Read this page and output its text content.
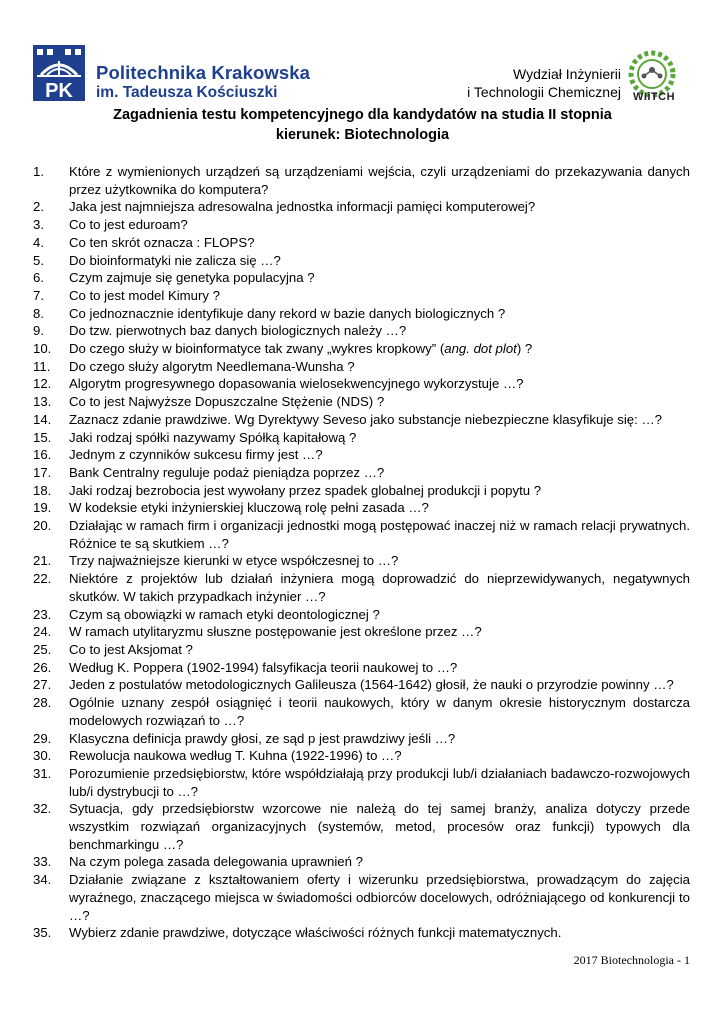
PK
Politechnika Krakowska
im. Tadeusza Kościuszki
Wydział Inżynierii
i Technologii Chemicznej WIiTCH
Zagadnienia testu kompetencyjnego dla kandydatów na studia II stopnia
kierunek: Biotechnologia
1.	Które z wymienionych urządzeń są urządzeniami wejścia, czyli urządzeniami do przekazywania danych przez użytkownika do komputera?
2.	Jaka jest najmniejsza adresowalna jednostka informacji pamięci komputerowej?
3.	Co to jest eduroam?
4.	Co ten skrót oznacza : FLOPS?
5.	Do bioinformatyki nie zalicza się …?
6.	Czym zajmuje się genetyka populacyjna ?
7.	Co to jest model Kimury ?
8.	Co jednoznacznie identyfikuje dany rekord w bazie danych biologicznych ?
9.	Do tzw. pierwotnych baz danych biologicznych należy …?
10.	Do czego służy w bioinformatyce tak zwany „wykres kropkowy” (ang. dot plot) ?
11.	Do czego służy algorytm Needlemana-Wunsha ?
12.	Algorytm progresywnego dopasowania wielosekwencyjnego wykorzystuje …?
13.	Co to jest Najwyższe Dopuszczalne Stężenie (NDS) ?
14.	Zaznacz zdanie prawdziwe. Wg Dyrektywy Seveso jako substancje niebezpieczne klasyfikuje się: …?
15.	Jaki rodzaj spółki nazywamy Spółką kapitałową ?
16.	Jednym z czynników sukcesu firmy jest …?
17.	Bank Centralny reguluje podaż pieniądza poprzez …?
18.	Jaki rodzaj bezrobocia jest wywołany przez spadek globalnej produkcji i popytu ?
19.	W kodeksie etyki inżynierskiej kluczową rolę pełni zasada …?
20.	Działając w ramach firm i organizacji jednostki mogą postępować inaczej niż w ramach relacji prywatnych. Różnice te są skutkiem …?
21.	Trzy najważniejsze kierunki w etyce współczesnej to …?
22.	Niektóre z projektów lub działań inżyniera mogą doprowadzić do nieprzewidywanych, negatywnych skutków. W takich przypadkach inżynier …?
23.	Czym są obowiązki w ramach etyki deontologicznej ?
24.	W ramach utylitaryzmu słuszne postępowanie jest określone przez …?
25.	Co to jest Aksjomat ?
26.	Według K. Poppera (1902-1994) falsyfikacja teorii naukowej to …?
27.	Jeden z postulatów metodologicznych Galileusza (1564-1642) głosił, że nauki o przyrodzie powinny …?
28.	Ogólnie uznany zespół osiągnięć i teorii naukowych, który w danym okresie historycznym dostarcza modelowych rozwiązań to …?
29.	Klasyczna definicja prawdy głosi, ze sąd p jest prawdziwy jeśli …?
30.	Rewolucja naukowa według T. Kuhna (1922-1996) to …?
31.	Porozumienie przedsiębiorstw, które współdziałają przy produkcji lub/i działaniach badawczo-rozwojowych lub/i dystrybucji to …?
32.	Sytuacja, gdy przedsiębiorstw wzorcowe nie należą do tej samej branży, analiza dotyczy przede wszystkim rozwiązań organizacyjnych (systemów, metod, procesów oraz funkcji) typowych dla benchmarkingu …?
33.	Na czym polega zasada delegowania uprawnień ?
34.	Działanie związane z kształtowaniem oferty i wizerunku przedsiębiorstwa, prowadzącym do zajęcia wyraźnego, znaczącego miejsca w świadomości odbiorców docelowych, odróżniającego od konkurencji to …?
35.	Wybierz zdanie prawdziwe, dotyczące właściwości różnych funkcji matematycznych.
2017 Biotechnologia - 1
